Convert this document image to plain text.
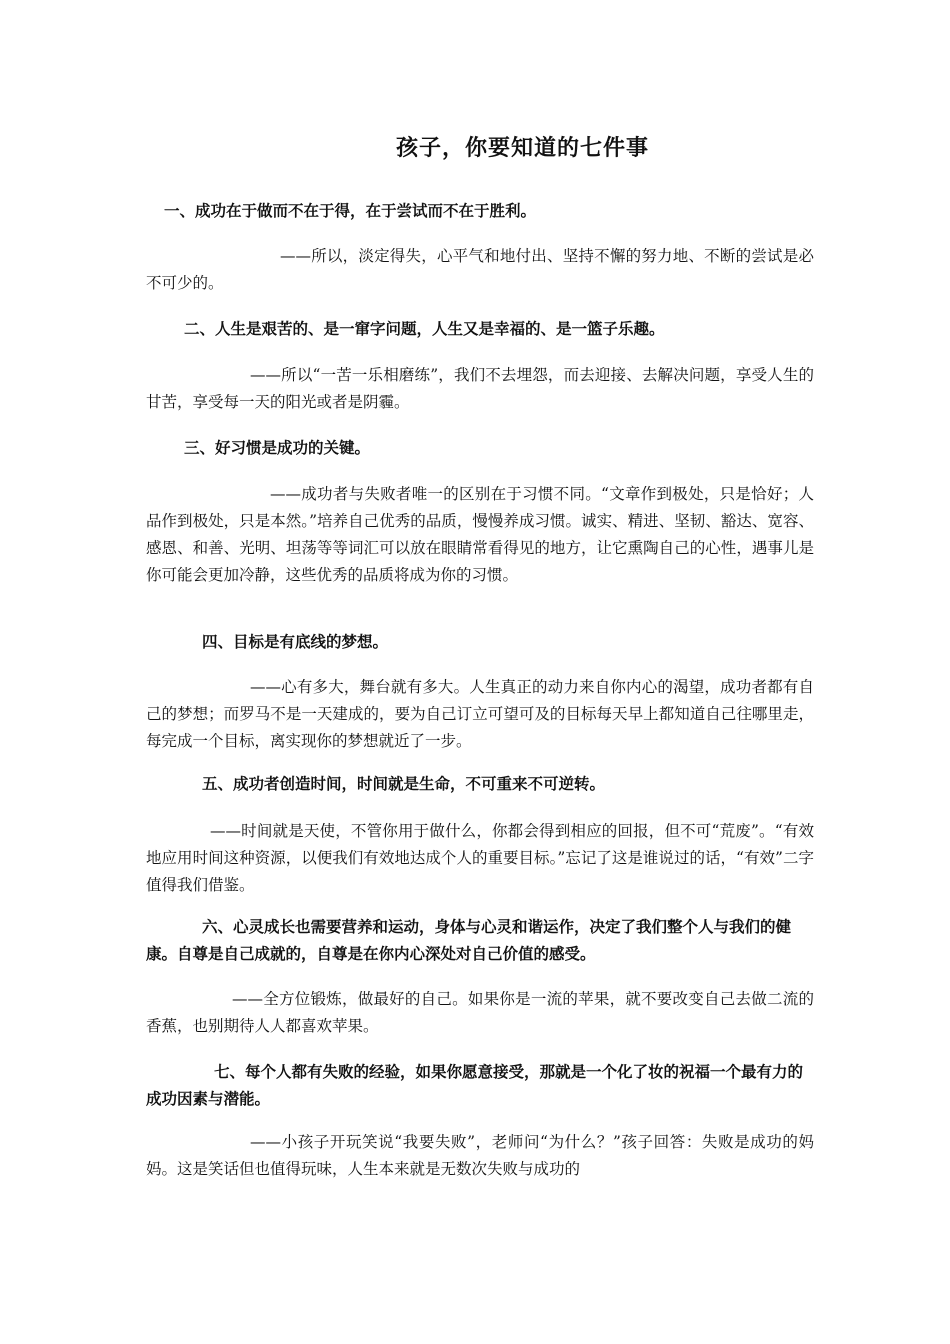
孩子，你要知道的七件事
一、成功在于做而不在于得，在于尝试而不在于胜利。
——所以，淡定得失，心平气和地付出、坚持不懈的努力地、不断的尝试是必不可少的。
二、人生是艰苦的、是一窜字问题，人生又是幸福的、是一篮子乐趣。
——所以“一苦一乐相磨练”，我们不去埋怨，而去迎接、去解决问题，享受人生的甘苦，享受每一天的阳光或者是阴霾。
三、好习惯是成功的关键。
——成功者与失败者唯一的区别在于习惯不同。“文章作到极处，只是恰好；人品作到极处，只是本然。”培养自己优秀的品质，慢慢养成习惯。诚实、精进、坚韧、豁达、宽容、感恩、和善、光明、坦荡等等词汇可以放在眼睛常看得见的地方，让它熏陶自己的心性，遇事儿是你可能会更加冷静，这些优秀的品质将成为你的习惯。
四、目标是有底线的梦想。
——心有多大，舞台就有多大。人生真正的动力来自你内心的渴望，成功者都有自己的梦想；而罗马不是一天建成的，要为自己订立可望可及的目标每天早上都知道自己往哪里走，每完成一个目标，离实现你的梦想就近了一步。
五、成功者创造时间，时间就是生命，不可重来不可逆转。
——时间就是天使，不管你用于做什么，你都会得到相应的回报，但不可“荒废”。“有效地应用时间这种资源，以便我们有效地达成个人的重要目标。”忘记了这是谁说过的话，“有效”二字值得我们借鉴。
六、心灵成长也需要营养和运动，身体与心灵和谐运作，决定了我们整个人与我们的健康。自尊是自己成就的，自尊是在你内心深处对自己价值的感受。
——全方位锻炼，做最好的自己。如果你是一流的苹果，就不要改变自己去做二流的香蕉，也别期待人人都喜欢苹果。
七、每个人都有失败的经验，如果你愿意接受，那就是一个化了妆的祝福一个最有力的成功因素与潜能。
——小孩子开玩笑说“我要失败”，老师问“为什么？”孩子回答：失败是成功的妈妈。这是笑话但也值得玩味，人生本来就是无数次失败与成功的
